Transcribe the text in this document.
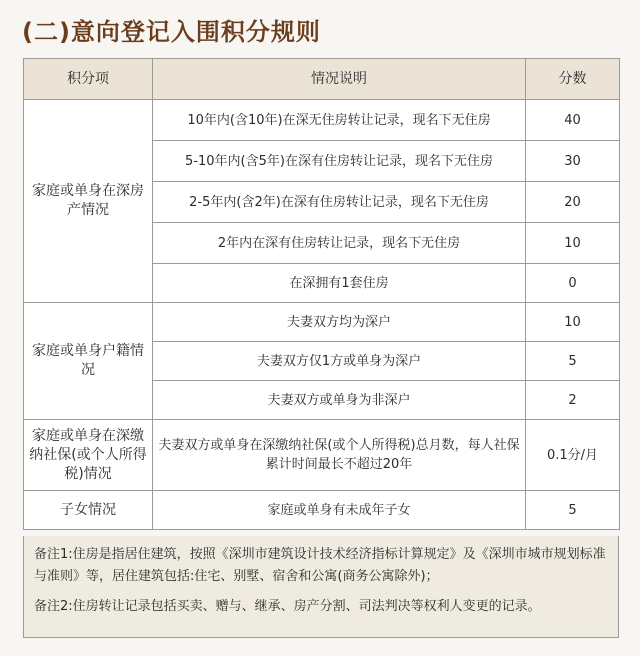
(二)意向登记入围积分规则
积分项	情况说明	分数
家庭或单身在深房产情况	10年内(含10年)在深无住房转让记录，现名下无住房	40
	5-10年内(含5年)在深有住房转让记录，现名下无住房	30
	2-5年内(含2年)在深有住房转让记录，现名下无住房	20
	2年内在深有住房转让记录，现名下无住房	10
	在深拥有1套住房	0
家庭或单身户籍情况	夫妻双方均为深户	10
	夫妻双方仅1方或单身为深户	5
	夫妻双方或单身为非深户	2
家庭或单身在深缴纳社保(或个人所得税)情况	夫妻双方或单身在深缴纳社保(或个人所得税)总月数，每人社保累计时间最长不超过20年	0.1分/月
子女情况	家庭或单身有未成年子女	5

备注1:住房是指居住建筑，按照《深圳市建筑设计技术经济指标计算规定》及《深圳市城市规划标准与准则》等，居住建筑包括:住宅、别墅、宿舍和公寓(商务公寓除外)；

备注2:住房转让记录包括买卖、赠与、继承、房产分割、司法判决等权利人变更的记录。
